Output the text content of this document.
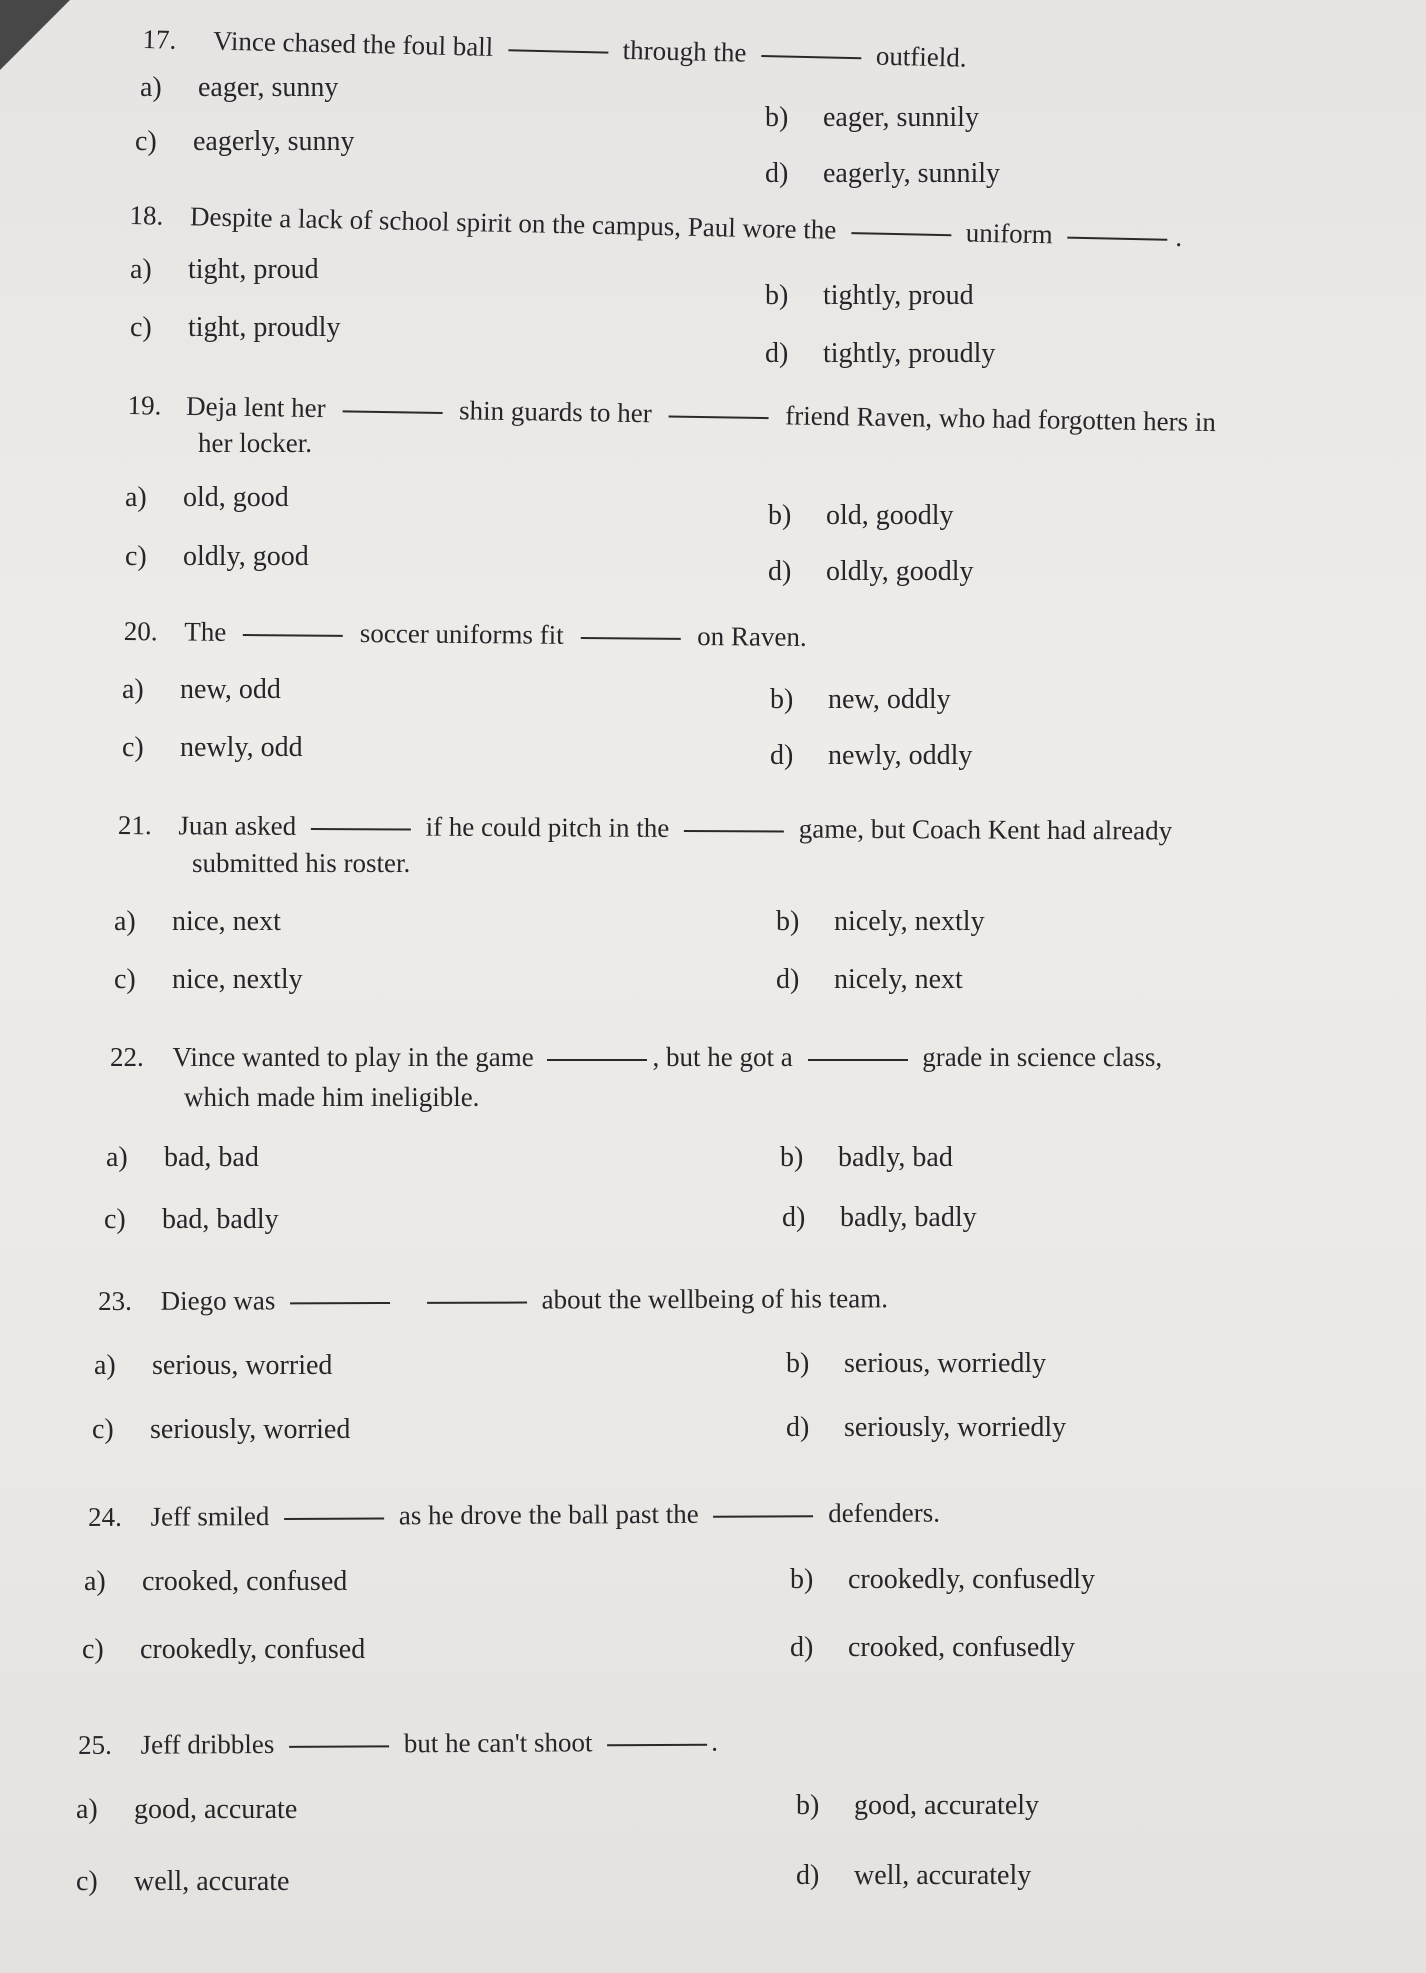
17. Vince chased the foul ball	through the	outfield.
a) eager, sunny
b) eager, sunnily
c) eagerly, sunny
d) eagerly, sunnily
18. Despite a lack of school spirit on the campus, Paul wore the	uniform	.
a) tight, proud
b) tightly, proud
c) tight, proudly
d) tightly, proudly
19. Deja lent her	shin guards to her	friend Raven, who had forgotten hers in
her locker.
a) old, good
b) old, goodly
c) oldly, good	d) oldly, goodly
20. The	soccer uniforms fit	on Raven.
a) new, odd	b) new, oddly
c) newly, odd	d) newly, oddly
21. Juan asked	if he could pitch in the	game, but Coach Kent had already
submitted his roster.
a) nice, next	b) nicely, nextly
c) nice, nextly	d) nicely, next
22. Vince wanted to play in the game	, but he got a	grade in science class,
which made him ineligible.
a) bad, bad	b) badly, bad
c) bad, badly	d) badly, badly
23. Diego was	about the wellbeing of his team.
a) serious, worried	b) serious, worriedly
c) seriously, worried	d) seriously, worriedly
24. Jeff smiled	as he drove the ball past the	defenders.
a) crooked, confused	b) crookedly, confusedly
c) crookedly, confused	d) crooked, confusedly
25. Jeff dribbles	but he can't shoot	.
a) good, accurate	b) good, accurately
c) well, accurate	d) well, accurately
